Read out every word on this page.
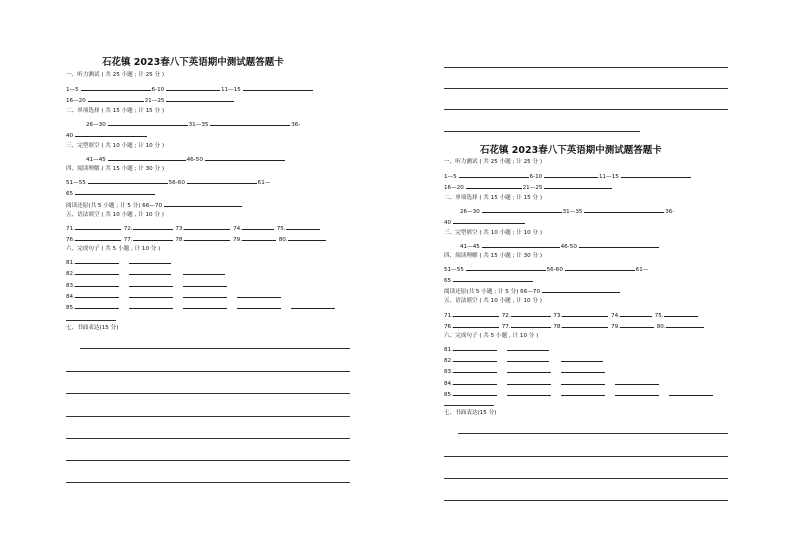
石花镇 2023春八下英语期中测试题答题卡
一、听力测试 ( 共 25 小题 ; 计 25 分 )
1—5	6-10	11—15
16—20	21—25
二、单项选择 ( 共 15 小题 ; 计 15 分 )
26—30	31—35	36-
40
三、完型填空 ( 共 10 小题 ; 计 10 分 )
41—45	46-50
四、阅读理解 ( 共 15 小题 ; 计 30 分 )
51—55	56-60	61—
65
阅读还原(共 5 小题 ; 计 5 分) 66—70
五、语法填空 ( 共 10 小题 , 计 10 分 )
71.	72.	73.	74.	75.
76.	77.	78.	79.	80.
六、完成句子 ( 共 5 小题 , 计 10 分 )
81.
82.
83.
84.
85.
七、书面表达(15 分)
石花镇 2023春八下英语期中测试题答题卡
一、听力测试 ( 共 25 小题 ; 计 25 分 )
1—5	6-10	11—15
16—20	21—25
二、单项选择 ( 共 15 小题 ; 计 15 分 )
26—30	31—35	36-
40
三、完型填空 ( 共 10 小题 ; 计 10 分 )
41—45	46-50
四、阅读理解 ( 共 15 小题 ; 计 30 分 )
51—55	56-60	61—
65
阅读还原(共 5 小题 ; 计 5 分) 66—70
五、语法填空 ( 共 10 小题 , 计 10 分 )
71.	72.	73.	74.	75.
76.	77.	78.	79.	80.
六、完成句子 ( 共 5 小题 , 计 10 分 )
81.
82.
83.
84.
85.
七、书面表达(15 分)
